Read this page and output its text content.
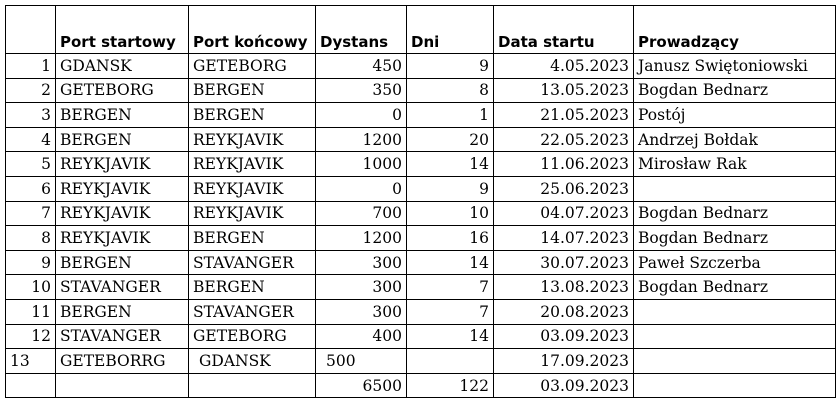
	Port startowy	Port końcowy	Dystans	Dni	Data startu	Prowadzący
1	GDANSK	GETEBORG	450	9	4.05.2023	Janusz Swiętoniowski
2	GETEBORG	BERGEN	350	8	13.05.2023	Bogdan Bednarz
3	BERGEN	BERGEN	0	1	21.05.2023	Postój
4	BERGEN	REYKJAVIK	1200	20	22.05.2023	Andrzej Bołdak
5	REYKJAVIK	REYKJAVIK	1000	14	11.06.2023	Mirosław Rak
6	REYKJAVIK	REYKJAVIK	0	9	25.06.2023	
7	REYKJAVIK	REYKJAVIK	700	10	04.07.2023	Bogdan Bednarz
8	REYKJAVIK	BERGEN	1200	16	14.07.2023	Bogdan Bednarz
9	BERGEN	STAVANGER	300	14	30.07.2023	Paweł Szczerba
10	STAVANGER	BERGEN	300	7	13.08.2023	Bogdan Bednarz
11	BERGEN	STAVANGER	300	7	20.08.2023	
12	STAVANGER	GETEBORG	400	14	03.09.2023	
13	GETEBORRG	GDANSK	500		17.09.2023	
			6500	122	03.09.2023	
